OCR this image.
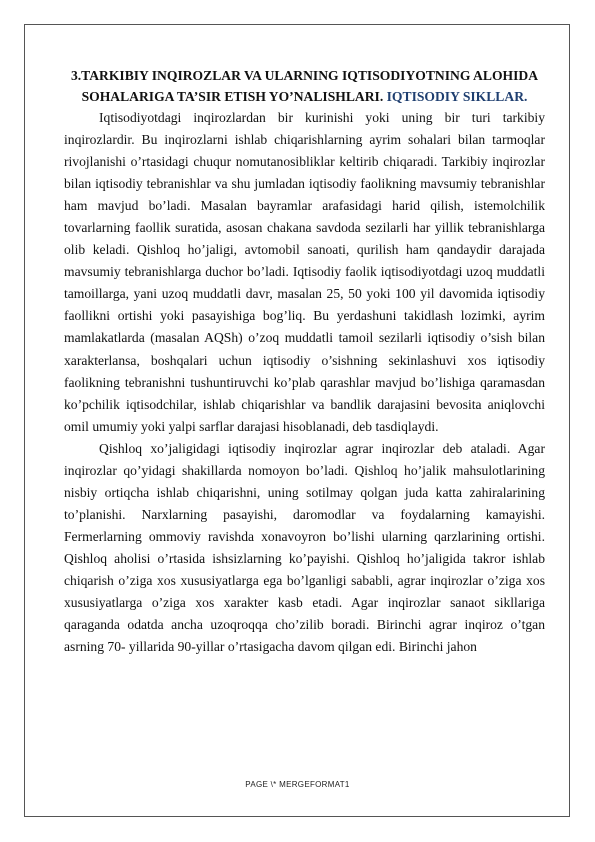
3.TARKIBIY INQIROZLAR VA ULARNING IQTISODIYOTNING ALOHIDA SOHALARIGA TA’SIR ETISH YO’NALISHLARI. IQTISODIY SIKLLAR.

Iqtisodiyotdagi inqirozlardan bir kurinishi yoki uning bir turi tarkibiy inqirozlardir. Bu inqirozlarni ishlab chiqarishlarning ayrim sohalari bilan tarmoqlar rivojlanishi o’rtasidagi chuqur nomutanosibliklar keltirib chiqaradi. Tarkibiy inqirozlar bilan iqtisodiy tebranishlar va shu jumladan iqtisodiy faolikning mavsumiy tebranishlar ham mavjud bo’ladi. Masalan bayramlar arafasidagi harid qilish, istemolchilik tovarlarning faollik suratida, asosan chakana savdoda sezilarli har yillik tebranishlarga olib keladi. Qishloq ho’jaligi, avtomobil sanoati, qurilish ham qandaydir darajada mavsumiy tebranishlarga duchor bo’ladi. Iqtisodiy faolik iqtisodiyotdagi uzoq muddatli tamoillarga, yani uzoq muddatli davr, masalan 25, 50 yoki 100 yil davomida iqtisodiy faollikni ortishi yoki pasayishiga bog’liq. Bu yerdashuni takidlash lozimki, ayrim mamlakatlarda (masalan AQSh) o’zoq muddatli tamoil sezilarli iqtisodiy o’sish bilan xarakterlansa, boshqalari uchun iqtisodiy o’sishning sekinlashuvi xos iqtisodiy faolikning tebranishni tushuntiruvchi ko’plab qarashlar mavjud bo’lishiga qaramasdan ko’pchilik iqtisodchilar, ishlab chiqarishlar va bandlik darajasini bevosita aniqlovchi omil umumiy yoki yalpi sarflar darajasi hisoblanadi, deb tasdiqlaydi.

Qishloq xo’jaligidagi iqtisodiy inqirozlar agrar inqirozlar deb ataladi. Agar inqirozlar qo’yidagi shakillarda nomoyon bo’ladi. Qishloq ho’jalik mahsulotlarining nisbiy ortiqcha ishlab chiqarishni, uning sotilmay qolgan juda katta zahiralarining to’planishi. Narxlarning pasayishi, daromodlar va foydalarning kamayishi. Fermerlarning ommoviy ravishda xonavoyron bo’lishi ularning qarzlarining ortishi. Qishloq aholisi o’rtasida ishsizlarning ko’payishi. Qishloq ho’jaligida takror ishlab chiqarish o’ziga xos xususiyatlarga ega bo’lganligi sababli, agrar inqirozlar o’ziga xos xususiyatlarga o’ziga xos xarakter kasb etadi. Agar inqirozlar sanaot sikllariga qaraganda odatda ancha uzoqroqqa cho’zilib boradi. Birinchi agrar inqiroz o’tgan asrning 70- yillarida 90-yillar o’rtasigacha davom qilgan edi. Birinchi jahon

PAGE \* MERGEFORMAT1
